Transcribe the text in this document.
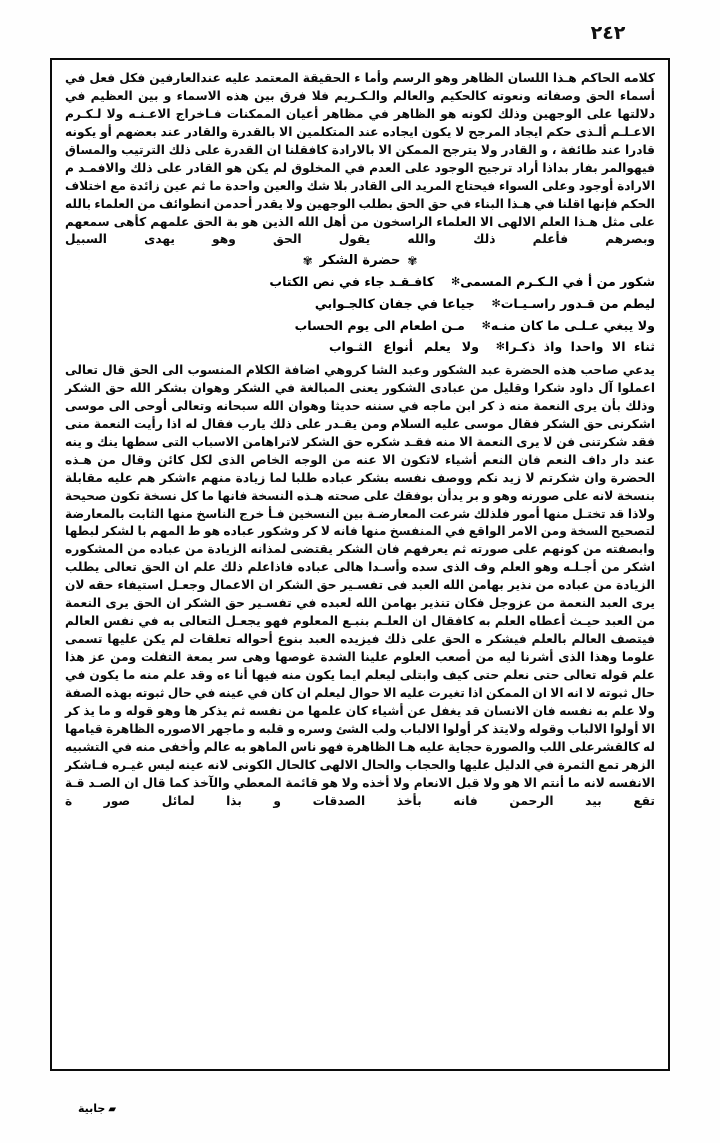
٢٤٢

كلامه الحاكم هـذا اللسان الظاهر وهو الرسم وأما ء الحقيقة المعتمد عليه عندالعارفين فكل فعل في أسماء الحق وصفاته ونعوته كالحكيم والعالم والـكـريم فلا فرق بين هذه الاسماء و بين العظيم في دلالتها على الوجهين وذلك لكونه هو الظاهر في مظاهر أعيان الممكنات فـاخراج الاعـنـه ولا لـكـرم الاعـلـم ألـذى حكم ايجاد المرجح لا يكون ايجاده عند المتكلمين الا بالقدرة والقادر عند بعضهم أو يكونه قادرا عند طائفة ، و القادر ولا يترجح الممكن الا بالارادة كافقلنا ان القدرة على ذلك الترتيب والمساق فيهوالمر بفار بداذا أراد ترجيح الوجود على العدم في المخلوق لم يكن هو القادر على ذلك والافمـد م الارادة أوجود وعلى السواء فيحتاج المريد الى القادر بلا شك والعين واحدة ما ثم عين زائدة مع اختلاف الحكم فإنها اقلنا في هـذا البناء في حق الحق بطلب الوجهين ولا يقدر أحدمن انطوائف من العلماء بالله على مثل هـذا العلم الالهى الا العلماء الراسخون من أهل الله الذين هو بة الحق علمهم كأهى سمعهم وبصرهم فأعلم ذلك والله يقول الحق وهو يهدى السبيل

✾حضرة الشكر✾
شكور من أ في الـكـرم المسمى✻كافـقـد جاء في نص الكتاب
ليطم من قـدور راسـيـات✻جياعا في جفان كالجـوابي
ولا يبغي عـلـى ما كان منـه✻مـن اطعام الى يوم الحساب
ثناء الا واحدا واذ ذكـرا✻ولا يعلم أنواع الثـواب

يدعي صاحب هذه الحضرة عبد الشكور وعبد الشا كروهي اضافة الكلام المنسوب الى الحق قال تعالى اعملوا آل داود شكرا وقليل من عبادى الشكور يعنى المبالغة في الشكر وهوان بشكر الله حق الشكر وذلك بأن يرى النعمة منه ذ كر ابن ماجه في سننه حديثا وهوان الله سبحانه وتعالى أوحى الى موسى اشكرنى حق الشكر فقال موسى عليه السلام ومن يقـدر على ذلك يارب فقال له اذا رأيت النعمة منى فقد شكرتنى فن لا يرى النعمة الا منه فقـد شكره حق الشكر لاتراهامن الاسباب التى سطها ينك و ينه عند دار داف النعم فان النعم أشياء لاتكون الا عنه من الوجه الخاص الذى لكل كائن وقال من هـذه الحضرة وان شكرتم لا زيد نكم ووصف نفسه بشكر عباده طلبا لما زيادة منهم ءاشكر هم عليه مقابلة بنسخة لانه على صورنه وهو و بر يدأن بوفقك على صحته هـذه النسخة فانها ما كل نسخة تكون صحيحة ولاذا قد تختـل منها أمور فلذلك شرعت المعارضـة بين النسخين فـأ خرج الناسخ منها الثابت بالمعارضة لتصحيح السخة ومن الامر الواقع في المنفسخ منها فانه لا كر وشكور عباده هو ط المهم با لشكر لبطها وابصفته من كونهم على صورته ثم يعرفهم فان الشكر يقتضى لمذانه الزيادة من عباده من المشكوره اشكر من أجـلـه وهو العلم وف الذى سده وأسـدا هالى عباده فاذاعلم ذلك علم ان الحق تعالى يطلب الزيادة من عباده من نذير بهامن الله العبد فى تفسـير حق الشكر ان الاعمال وجعـل استيفاء حقه لان يرى العبد النعمة من عزوجل فكان تنذير بهامن الله لعبده في تفسـير حق الشكر ان الحق يرى النعمة من العبد حيـث أعطاه العلم به كافقال ان العلـم بنبـع المعلوم فهو يجعـل التعالى به في نفس العالم فيتصف العالم بالعلم فيشكر ه الحق على ذلك فيزيده العبد بنوع أحواله تعلقات لم يكن عليها تسمى علوما وهذا الذى أشرنا ليه من أصعب العلوم علينا الشدة غوصها وهى سر يمعة التفلت ومن عز هذا علم قوله تعالى حتى نعلم حتى كيف وابتلى ليعلم ايما يكون منه فيها أنا ءه وقد علم منه ما يكون في حال ثبوته لا انه الا ان الممكن اذا تغيرت عليه الا حوال ليعلم ان كان في عينه في حال ثبوته بهذه الصفة ولا علم به نفسه فان الانسان قد يغفل عن أشياء كان علمها من نفسه ثم يذكر ها وهو قوله و ما يذ كر الا أولوا الالباب وقوله ولايتذ كر أولوا الالباب ولب الشئ وسره و قلبه و ماجهر الاصوره الظاهرة قيامها له كالقشرعلى اللب والصورة حجاية عليه هـا الظاهرة فهو ناس الماهو به عالم وأخفى منه في التشبيه الزهر تمع الثمرة في الدليل عليها والحجاب والحال الالهى كالحال الكونى لانه عينه ليس غيـره فـاشكر الانفسه لانه ما أنتم الا هو ولا قبل الانعام ولا أخذه ولا هو قائمة المعطي والآخذ كما قال ان الصـد قـة تقع بيد الرحمن فانه بأخذ الصدقات و بذا لمائل صور ة

▰جابية
